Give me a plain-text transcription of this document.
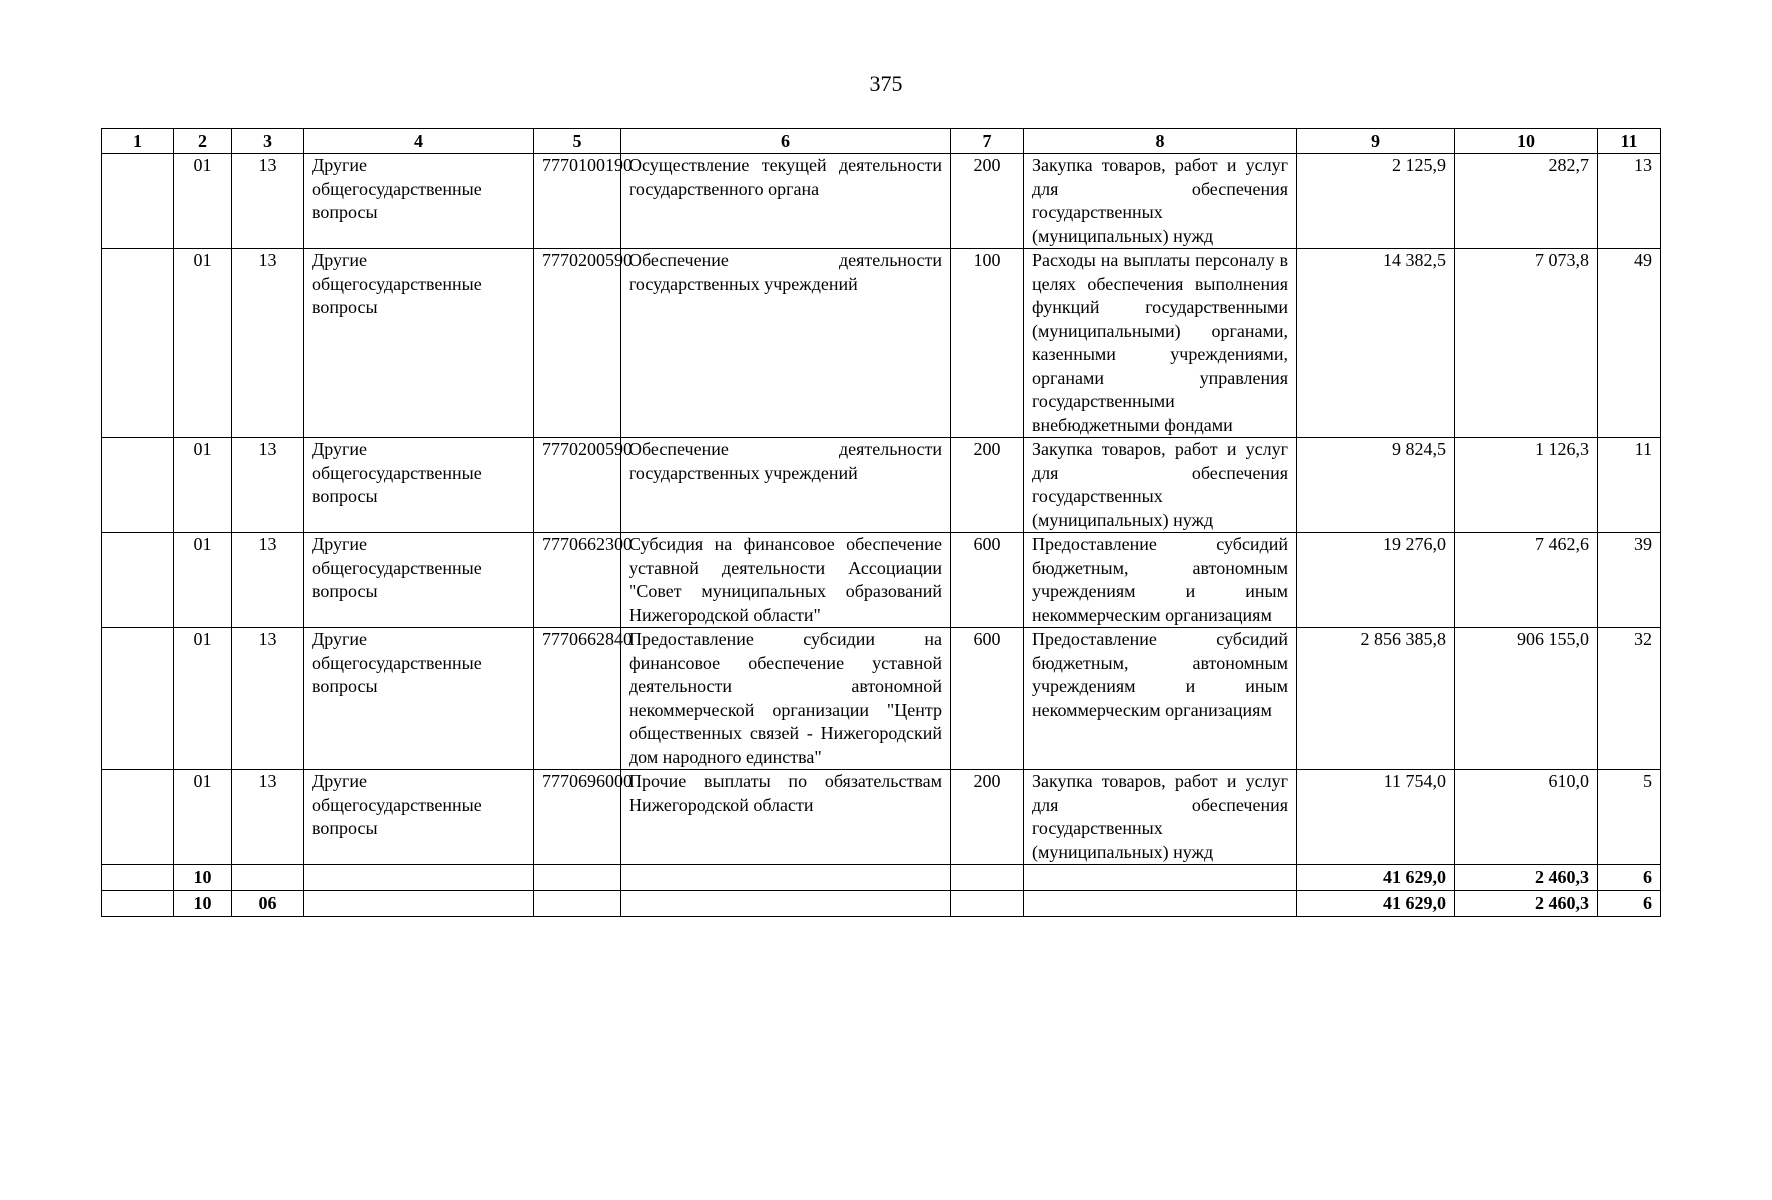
375
1	2	3	4	5	6	7	8	9	10	11
	01	13	Другие общегосударственные вопросы	7770100190	Осуществление текущей деятельности государственного органа	200	Закупка товаров, работ и услуг для обеспечения государственных (муниципальных) нужд	2 125,9	282,7	13
	01	13	Другие общегосударственные вопросы	7770200590	Обеспечение деятельности государственных учреждений	100	Расходы на выплаты персоналу в целях обеспечения выполнения функций государственными (муниципальными) органами, казенными учреждениями, органами управления государственными внебюджетными фондами	14 382,5	7 073,8	49
	01	13	Другие общегосударственные вопросы	7770200590	Обеспечение деятельности государственных учреждений	200	Закупка товаров, работ и услуг для обеспечения государственных (муниципальных) нужд	9 824,5	1 126,3	11
	01	13	Другие общегосударственные вопросы	7770662300	Субсидия на финансовое обеспечение уставной деятельности Ассоциации "Совет муниципальных образований Нижегородской области"	600	Предоставление субсидий бюджетным, автономным учреждениям и иным некоммерческим организациям	19 276,0	7 462,6	39
	01	13	Другие общегосударственные вопросы	7770662840	Предоставление субсидии на финансовое обеспечение уставной деятельности автономной некоммерческой организации "Центр общественных связей - Нижегородский дом народного единства"	600	Предоставление субсидий бюджетным, автономным учреждениям и иным некоммерческим организациям	2 856 385,8	906 155,0	32
	01	13	Другие общегосударственные вопросы	7770696000	Прочие выплаты по обязательствам Нижегородской области	200	Закупка товаров, работ и услуг для обеспечения государственных (муниципальных) нужд	11 754,0	610,0	5
	10							41 629,0	2 460,3	6
	10	06						41 629,0	2 460,3	6
